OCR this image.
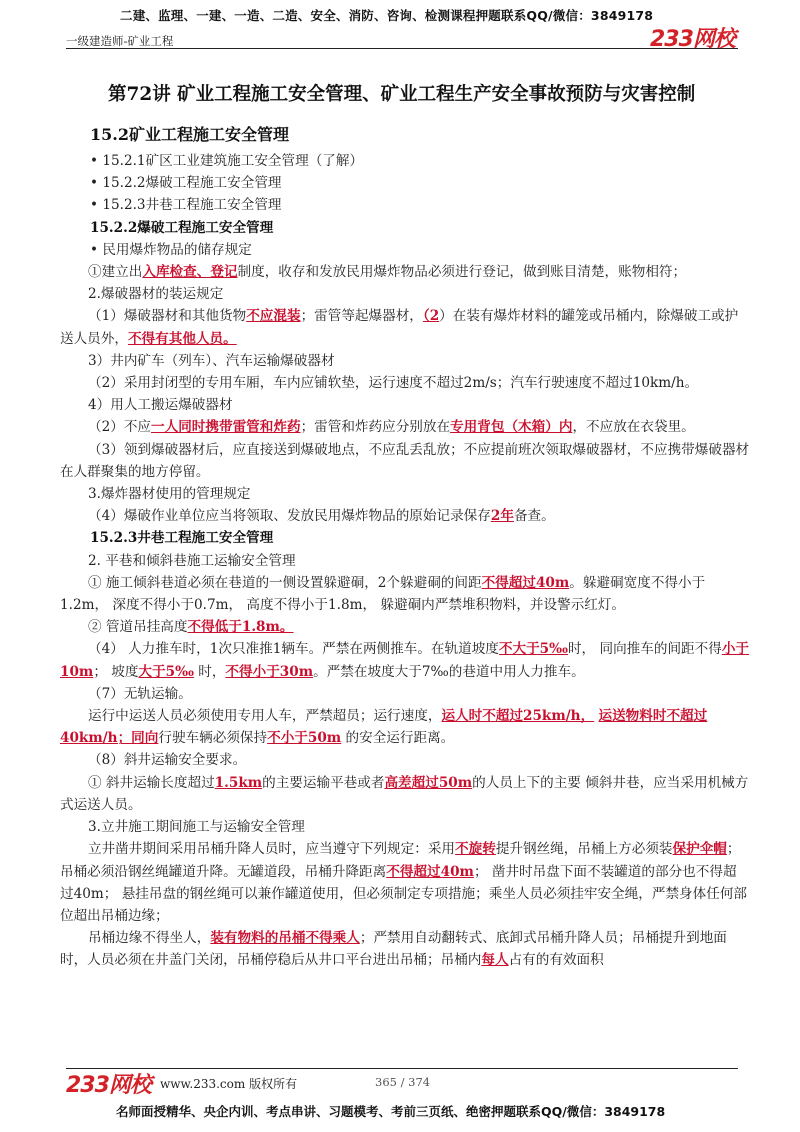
二建、监理、一建、一造、二造、安全、消防、咨询、检测课程押题联系QQ/微信：3849178
一级建造师-矿业工程	233网校
第72讲 矿业工程施工安全管理、矿业工程生产安全事故预防与灾害控制
15.2矿业工程施工安全管理

• 15.2.1矿区工业建筑施工安全管理（了解）

• 15.2.2爆破工程施工安全管理

• 15.2.3井巷工程施工安全管理

15.2.2爆破工程施工安全管理

• 民用爆炸物品的储存规定

①建立出入库检查、登记制度，收存和发放民用爆炸物品必须进行登记，做到账目清楚，账物相符；

2.爆破器材的装运规定

（1）爆破器材和其他货物不应混装；雷管等起爆器材，（2）在装有爆炸材料的罐笼或吊桶内，除爆破工或护送人员外，不得有其他人员。

3）井内矿车（列车）、汽车运输爆破器材

（2）采用封闭型的专用车厢，车内应铺软垫，运行速度不超过2m/s；汽车行驶速度不超过10km/h。

4）用人工搬运爆破器材

（2）不应一人同时携带雷管和炸药；雷管和炸药应分别放在专用背包（木箱）内，不应放在衣袋里。

（3）领到爆破器材后，应直接送到爆破地点，不应乱丢乱放；不应提前班次领取爆破器材，不应携带爆破器材在人群聚集的地方停留。

3.爆炸器材使用的管理规定

（4）爆破作业单位应当将领取、发放民用爆炸物品的原始记录保存2年备查。

15.2.3井巷工程施工安全管理

2. 平巷和倾斜巷施工运输安全管理

① 施工倾斜巷道必须在巷道的一侧设置躲避硐，2个躲避硐的间距不得超过40m。躲避硐宽度不得小于1.2m， 深度不得小于0.7m， 高度不得小于1.8m， 躲避硐内严禁堆积物料，并设警示红灯。

② 管道吊挂高度不得低于1.8m。

（4） 人力推车时，1次只准推1辆车。严禁在两侧推车。在轨道坡度不大于5‰时， 同向推车的间距不得小于10m； 坡度大于5‰ 时，不得小于30m。严禁在坡度大于7‰的巷道中用人力推车。

（7）无轨运输。

运行中运送人员必须使用专用人车，严禁超员；运行速度，运人时不超过25km/h， 运送物料时不超过40km/h；同向行驶车辆必须保持不小于50m 的安全运行距离。

（8）斜井运输安全要求。

① 斜井运输长度超过1.5km的主要运输平巷或者高差超过50m的人员上下的主要 倾斜井巷，应当采用机械方式运送人员。

3.立井施工期间施工与运输安全管理

立井凿井期间采用吊桶升降人员时，应当遵守下列规定：采用不旋转提升钢丝绳，吊桶上方必须装保护伞帽；吊桶必须沿钢丝绳罐道升降。无罐道段，吊桶升降距离不得超过40m； 凿井时吊盘下面不装罐道的部分也不得超过40m； 悬挂吊盘的钢丝绳可以兼作罐道使用，但必须制定专项措施；乘坐人员必须挂牢安全绳，严禁身体任何部位超出吊桶边缘；

吊桶边缘不得坐人，装有物料的吊桶不得乘人；严禁用自动翻转式、底卸式吊桶升降人员；吊桶提升到地面时，人员必须在井盖门关闭，吊桶停稳后从井口平台进出吊桶；吊桶内每人占有的有效面积

233网校 www.233.com 版权所有	365 / 374
名师面授精华、央企内训、考点串讲、习题模考、考前三页纸、绝密押题联系QQ/微信：3849178
